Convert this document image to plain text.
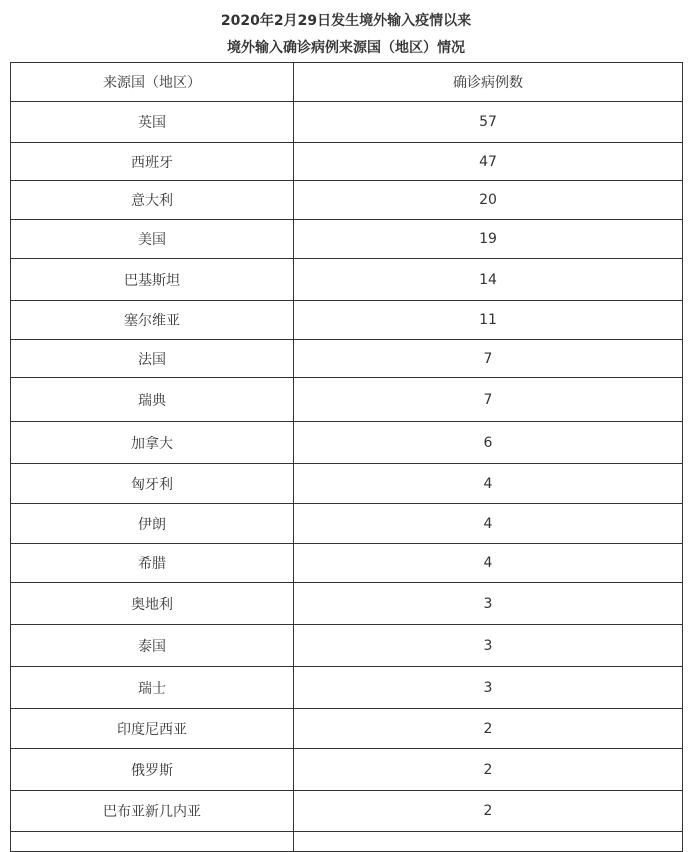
2020年2月29日发生境外输入疫情以来
境外输入确诊病例来源国（地区）情况
来源国（地区）	确诊病例数
英国	57
西班牙	47
意大利	20
美国	19
巴基斯坦	14
塞尔维亚	11
法国	7
瑞典	7
加拿大	6
匈牙利	4
伊朗	4
希腊	4
奥地利	3
泰国	3
瑞士	3
印度尼西亚	2
俄罗斯	2
巴布亚新几内亚	2
